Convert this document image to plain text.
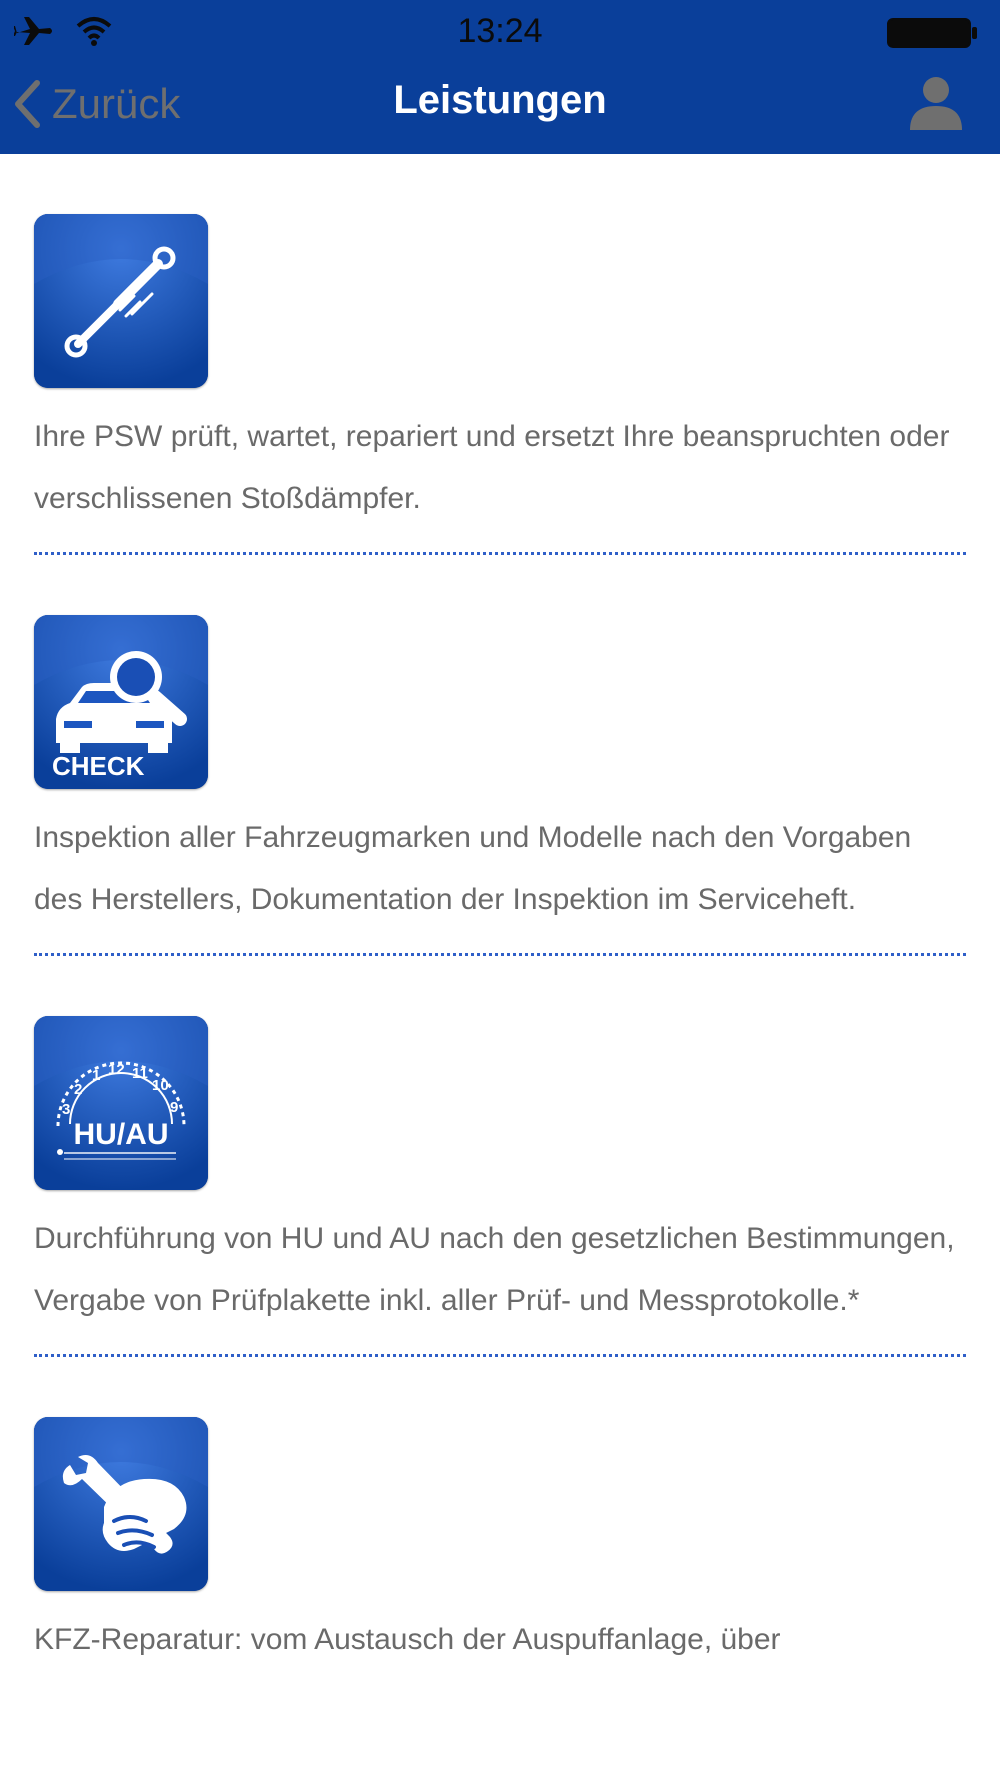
13:24
Zurück	Leistungen
Ihre PSW prüft, wartet, repariert und ersetzt Ihre beanspruchten oder verschlissenen Stoßdämpfer.
CHECK
Inspektion aller Fahrzeugmarken und Modelle nach den Vorgaben des Herstellers, Dokumentation der Inspektion im Serviceheft.
3
2
1 12 11
10
9
HU/AU
Durchführung von HU und AU nach den gesetzlichen Bestimmungen, Vergabe von Prüfplakette inkl. aller Prüf- und Messprotokolle.*
KFZ-Reparatur: vom Austausch der Auspuffanlage, über
